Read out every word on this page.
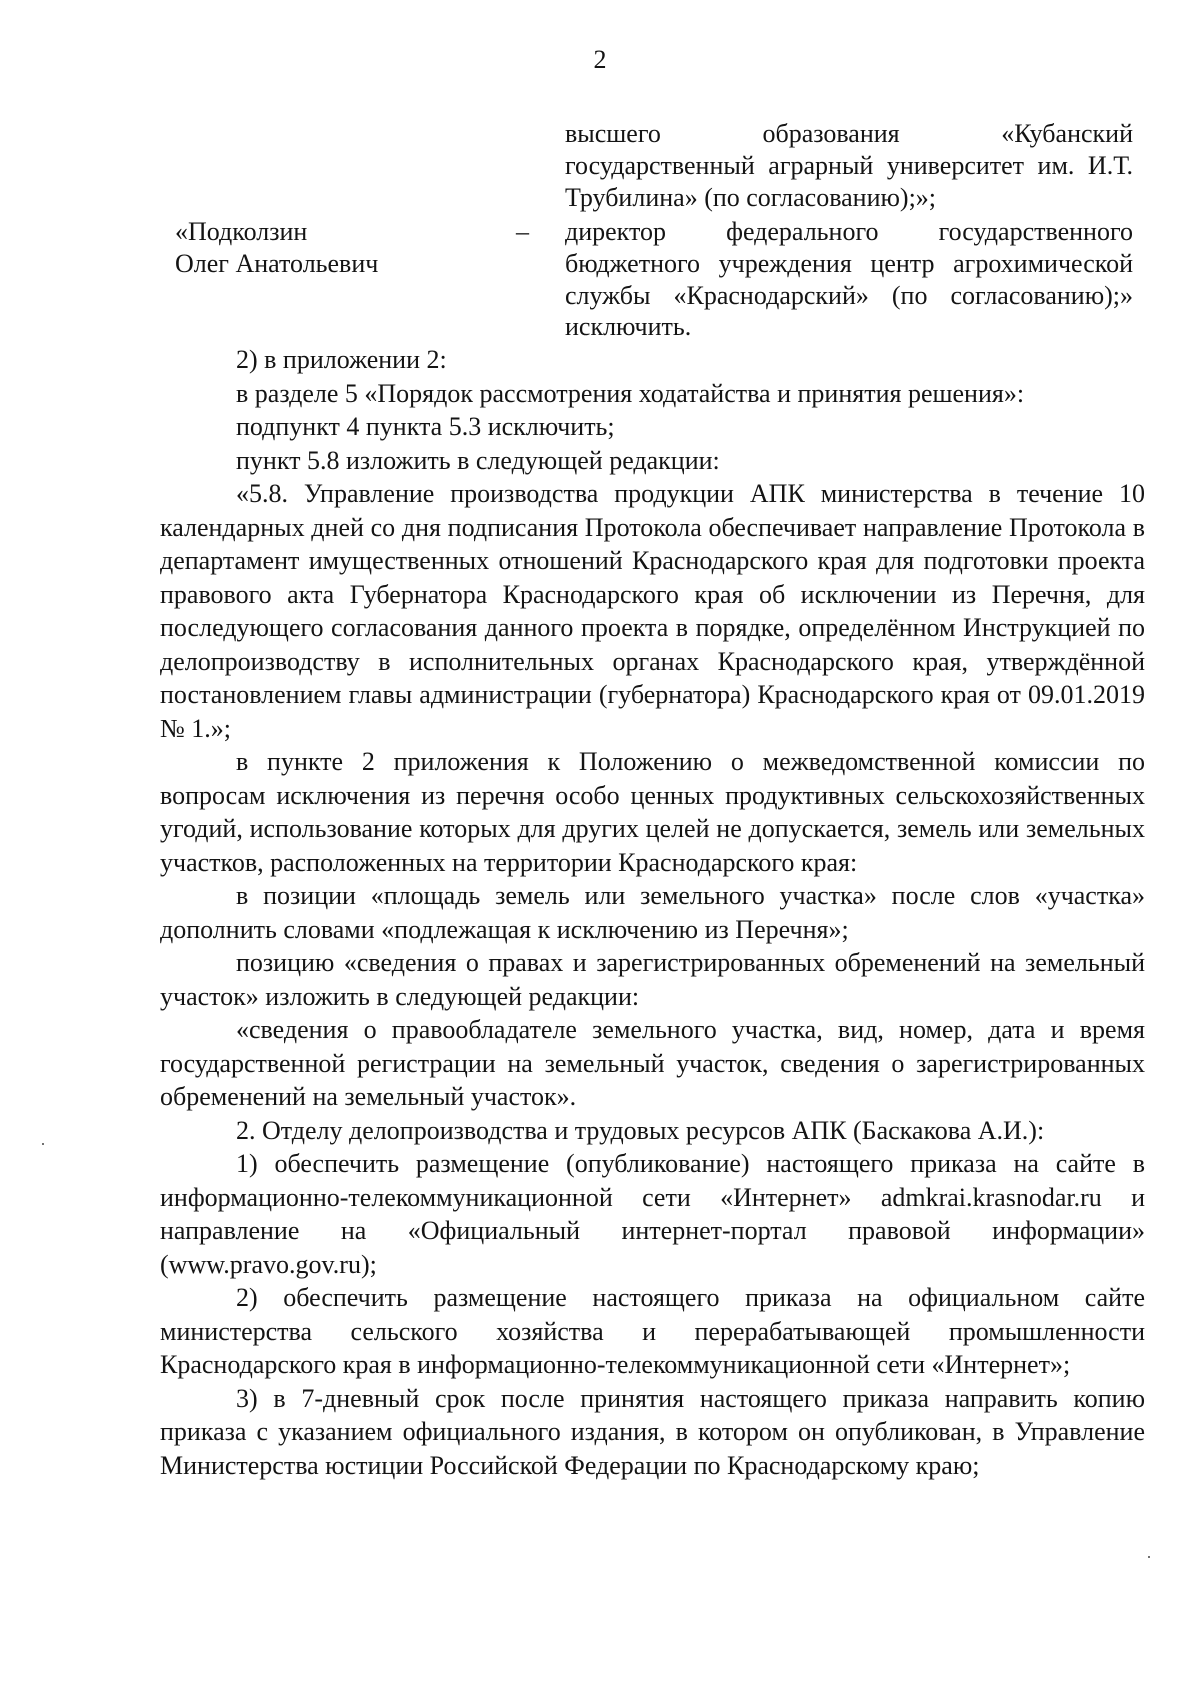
2
высшего образования «Кубанский государственный аграрный университет им. И.Т. Трубилина» (по согласованию);»;
«Подколзин
Олег Анатольевич
– директор федерального государственного бюджетного учреждения центр агрохимической службы «Краснодарский» (по согласованию);» исключить.

2) в приложении 2:

в разделе 5 «Порядок рассмотрения ходатайства и принятия решения»:

подпункт 4 пункта 5.3 исключить;

пункт 5.8 изложить в следующей редакции:

«5.8. Управление производства продукции АПК министерства в течение 10 календарных дней со дня подписания Протокола обеспечивает направление Протокола в департамент имущественных отношений Краснодарского края для подготовки проекта правового акта Губернатора Краснодарского края об исключении из Перечня, для последующего согласования данного проекта в порядке, определённом Инструкцией по делопроизводству в исполнительных органах Краснодарского края, утверждённой постановлением главы администрации (губернатора) Краснодарского края от 09.01.2019 № 1.»;

в пункте 2 приложения к Положению о межведомственной комиссии по вопросам исключения из перечня особо ценных продуктивных сельскохозяйственных угодий, использование которых для других целей не допускается, земель или земельных участков, расположенных на территории Краснодарского края:

в позиции «площадь земель или земельного участка» после слов «участка» дополнить словами «подлежащая к исключению из Перечня»;

позицию «сведения о правах и зарегистрированных обременений на земельный участок» изложить в следующей редакции:

«сведения о правообладателе земельного участка, вид, номер, дата и время государственной регистрации на земельный участок, сведения о зарегистрированных обременений на земельный участок».

2. Отделу делопроизводства и трудовых ресурсов АПК (Баскакова А.И.):

1) обеспечить размещение (опубликование) настоящего приказа на сайте в информационно-телекоммуникационной сети «Интернет» admkrai.krasnodar.ru и направление на «Официальный интернет-портал правовой информации» (www.pravo.gov.ru);

2) обеспечить размещение настоящего приказа на официальном сайте министерства сельского хозяйства и перерабатывающей промышленности Краснодарского края в информационно-телекоммуникационной сети «Интернет»;

3) в 7-дневный срок после принятия настоящего приказа направить копию приказа с указанием официального издания, в котором он опубликован, в Управление Министерства юстиции Российской Федерации по Краснодарскому краю;
